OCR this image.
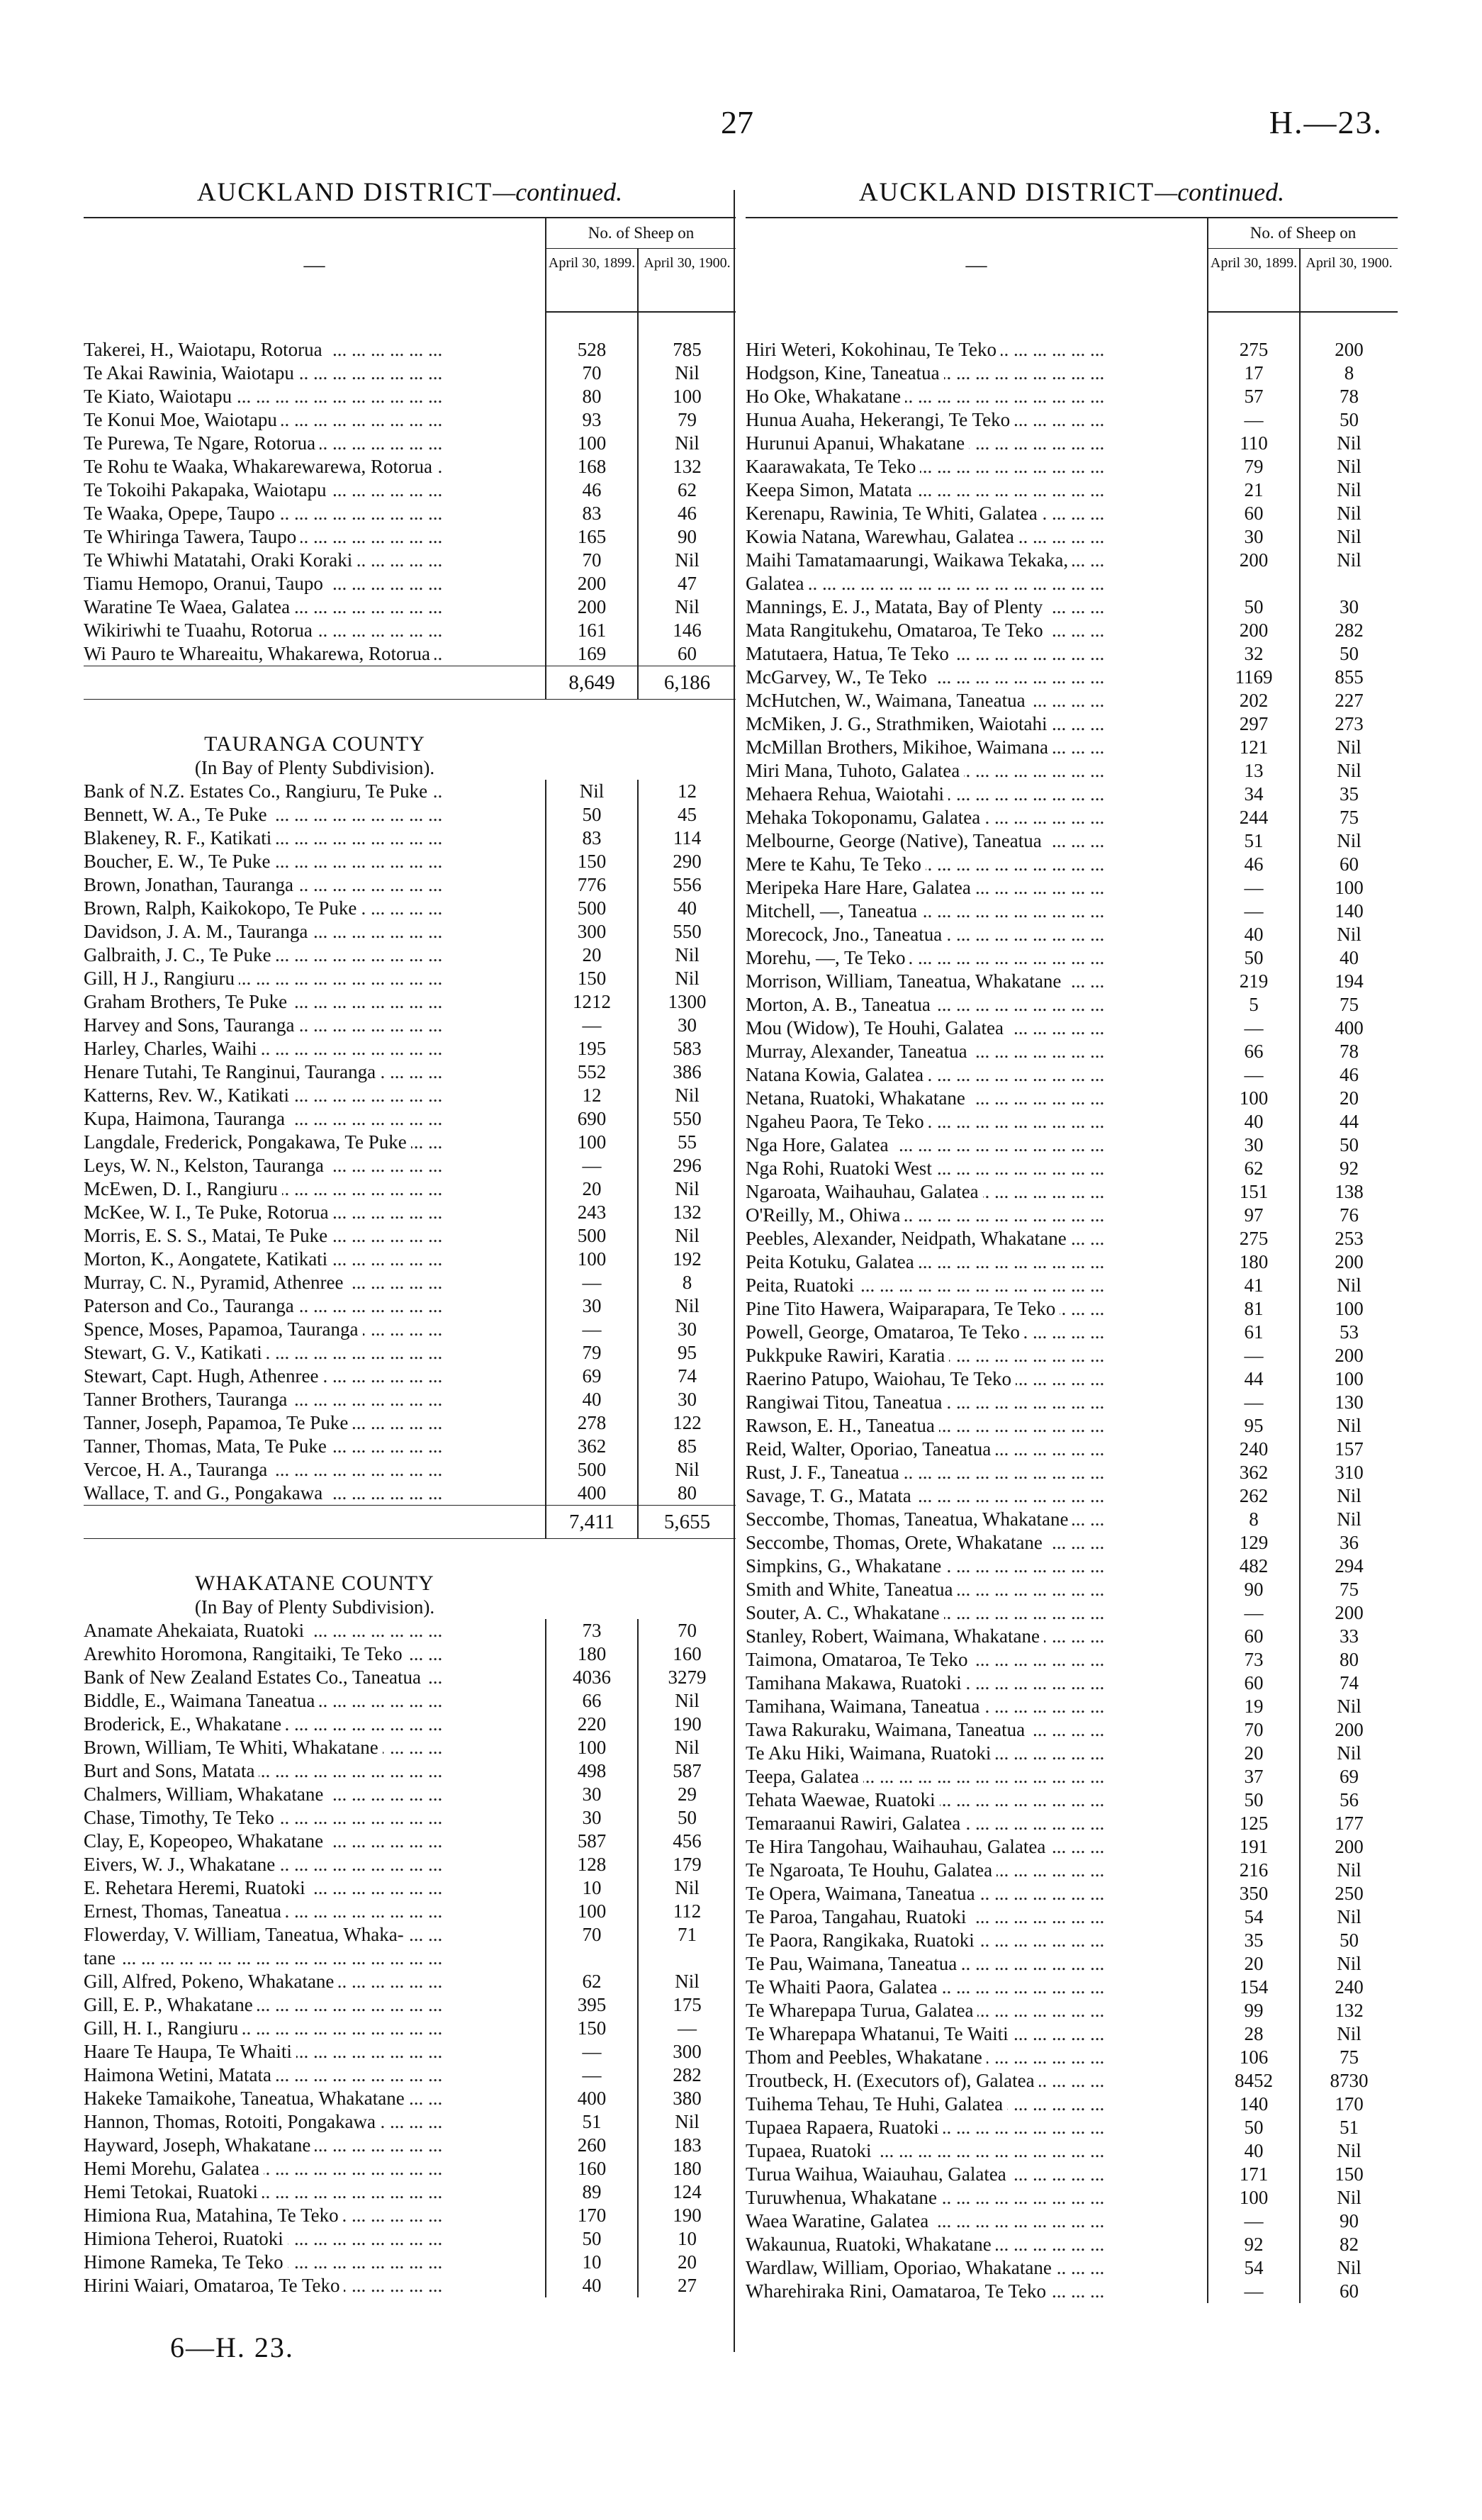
27	H.—23.
AUCKLAND DISTRICT—continued.
—	No. of Sheep on	
	April 30, 1899.	April 30, 1900.

Takerei, H., Waiotapu, Rotorua ... .	528	785
Te Akai Rawinia, Waiotapu ... .	70	Nil
Te Kiato, Waiotapu ... .	80	100
Te Konui Moe, Waiotapu ... .	93	79
Te Purewa, Te Ngare, Rotorua ... .	100	Nil
Te Rohu te Waaka, Whakarewarewa, Rotorua ... .	168	132
Te Tokoihi Pakapaka, Waiotapu ... .	46	62
Te Waaka, Opepe, Taupo ... .	83	46
Te Whiringa Tawera, Taupo ... .	165	90
Te Whiwhi Matatahi, Oraki Koraki ... .	70	Nil
Tiamu Hemopo, Oranui, Taupo ... .	200	47
Waratine Te Waea, Galatea ... .	200	Nil
Wikiriwhi te Tuaahu, Rotorua ... .	161	146
Wi Pauro te Whareaitu, Whakarewa, Rotorua ... .	169	60
	8,649	6,186

TAURANGA COUNTY		
(In Bay of Plenty Subdivision).		
Bank of N.Z. Estates Co., Rangiuru, Te Puke ... .	Nil	12
Bennett, W. A., Te Puke ... .	50	45
Blakeney, R. F., Katikati ... .	83	114
Boucher, E. W., Te Puke ... .	150	290
Brown, Jonathan, Tauranga ... .	776	556
Brown, Ralph, Kaikokopo, Te Puke ... .	500	40
Davidson, J. A. M., Tauranga ... .	300	550
Galbraith, J. C., Te Puke ... .	20	Nil
Gill, H J., Rangiuru ... .	150	Nil
Graham Brothers, Te Puke ... .	1212	1300
Harvey and Sons, Tauranga ... .	—	30
Harley, Charles, Waihi ... .	195	583
Henare Tutahi, Te Ranginui, Tauranga ... .	552	386
Katterns, Rev. W., Katikati ... .	12	Nil
Kupa, Haimona, Tauranga ... .	690	550
Langdale, Frederick, Pongakawa, Te Puke ... .	100	55
Leys, W. N., Kelston, Tauranga ... .	—	296
McEwen, D. I., Rangiuru ... .	20	Nil
McKee, W. I., Te Puke, Rotorua ... .	243	132
Morris, E. S. S., Matai, Te Puke ... .	500	Nil
Morton, K., Aongatete, Katikati ... .	100	192
Murray, C. N., Pyramid, Athenree ... .	—	8
Paterson and Co., Tauranga ... .	30	Nil
Spence, Moses, Papamoa, Tauranga ... .	—	30
Stewart, G. V., Katikati ... .	79	95
Stewart, Capt. Hugh, Athenree ... .	69	74
Tanner Brothers, Tauranga ... .	40	30
Tanner, Joseph, Papamoa, Te Puke ... .	278	122
Tanner, Thomas, Mata, Te Puke ... .	362	85
Vercoe, H. A., Tauranga ... .	500	Nil
Wallace, T. and G., Pongakawa ... .	400	80
	7,411	5,655

WHAKATANE COUNTY		
(In Bay of Plenty Subdivision).		
Anamate Ahekaiata, Ruatoki ... .	73	70
Arewhito Horomona, Rangitaiki, Te Teko ... .	180	160
Bank of New Zealand Estates Co., Taneatua ... .	4036	3279
Biddle, E., Waimana Taneatua ... .	66	Nil
Broderick, E., Whakatane ... .	220	190
Brown, William, Te Whiti, Whakatane ... .	100	Nil
Burt and Sons, Matata ... .	498	587
Chalmers, William, Whakatane ... .	30	29
Chase, Timothy, Te Teko ... .	30	50
Clay, E, Kopeopeo, Whakatane ... .	587	456
Eivers, W. J., Whakatane ... .	128	179
E. Rehetara Heremi, Ruatoki ... .	10	Nil
Ernest, Thomas, Taneatua ... .	100	112
Flowerday, V. William, Taneatua, Whaka- ... .	70	71
tane ... .		
Gill, Alfred, Pokeno, Whakatane ... .	62	Nil
Gill, E. P., Whakatane ... .	395	175
Gill, H. I., Rangiuru ... .	150	—
Haare Te Haupa, Te Whaiti ... .	—	300
Haimona Wetini, Matata ... .	—	282
Hakeke Tamaikohe, Taneatua, Whakatane ... .	400	380
Hannon, Thomas, Rotoiti, Pongakawa ... .	51	Nil
Hayward, Joseph, Whakatane ... .	260	183
Hemi Morehu, Galatea ... .	160	180
Hemi Tetokai, Ruatoki ... .	89	124
Himiona Rua, Matahina, Te Teko ... .	170	190
Himiona Teheroi, Ruatoki ... .	50	10
Himone Rameka, Te Teko ... .	10	20
Hirini Waiari, Omataroa, Te Teko ... .	40	27
AUCKLAND DISTRICT—continued.
—	No. of Sheep on	
	April 30, 1899.	April 30, 1900.

Hiri Weteri, Kokohinau, Te Teko ... .	275	200
Hodgson, Kine, Taneatua ... .	17	8
Ho Oke, Whakatane ... .	57	78
Hunua Auaha, Hekerangi, Te Teko ... .	—	50
Hurunui Apanui, Whakatane ... .	110	Nil
Kaarawakata, Te Teko ... .	79	Nil
Keepa Simon, Matata ... .	21	Nil
Kerenapu, Rawinia, Te Whiti, Galatea ... .	60	Nil
Kowia Natana, Warewhau, Galatea ... .	30	Nil
Maihi Tamatamaarungi, Waikawa Tekaka, ... .	200	Nil
Galatea ... .		
Mannings, E. J., Matata, Bay of Plenty ... .	50	30
Mata Rangitukehu, Omataroa, Te Teko ... .	200	282
Matutaera, Hatua, Te Teko ... .	32	50
McGarvey, W., Te Teko ... .	1169	855
McHutchen, W., Waimana, Taneatua ... .	202	227
McMiken, J. G., Strathmiken, Waiotahi ... .	297	273
McMillan Brothers, Mikihoe, Waimana ... .	121	Nil
Miri Mana, Tuhoto, Galatea ... .	13	Nil
Mehaera Rehua, Waiotahi ... .	34	35
Mehaka Tokoponamu, Galatea ... .	244	75
Melbourne, George (Native), Taneatua ... .	51	Nil
Mere te Kahu, Te Teko ... .	46	60
Meripeka Hare Hare, Galatea ... .	—	100
Mitchell, —, Taneatua ... .	—	140
Morecock, Jno., Taneatua ... .	40	Nil
Morehu, —, Te Teko ... .	50	40
Morrison, William, Taneatua, Whakatane ... .	219	194
Morton, A. B., Taneatua ... .	5	75
Mou (Widow), Te Houhi, Galatea ... .	—	400
Murray, Alexander, Taneatua ... .	66	78
Natana Kowia, Galatea ... .	—	46
Netana, Ruatoki, Whakatane ... .	100	20
Ngaheu Paora, Te Teko ... .	40	44
Nga Hore, Galatea ... .	30	50
Nga Rohi, Ruatoki West ... .	62	92
Ngaroata, Waihauhau, Galatea ... .	151	138
O'Reilly, M., Ohiwa ... .	97	76
Peebles, Alexander, Neidpath, Whakatane ... .	275	253
Peita Kotuku, Galatea ... .	180	200
Peita, Ruatoki ... .	41	Nil
Pine Tito Hawera, Waiparapara, Te Teko ... .	81	100
Powell, George, Omataroa, Te Teko ... .	61	53
Pukkpuke Rawiri, Karatia ... .	—	200
Raerino Patupo, Waiohau, Te Teko ... .	44	100
Rangiwai Titou, Taneatua ... .	—	130
Rawson, E. H., Taneatua ... .	95	Nil
Reid, Walter, Oporiao, Taneatua ... .	240	157
Rust, J. F., Taneatua ... .	362	310
Savage, T. G., Matata ... .	262	Nil
Seccombe, Thomas, Taneatua, Whakatane ... .	8	Nil
Seccombe, Thomas, Orete, Whakatane ... .	129	36
Simpkins, G., Whakatane ... .	482	294
Smith and White, Taneatua ... .	90	75
Souter, A. C., Whakatane ... .	—	200
Stanley, Robert, Waimana, Whakatane ... .	60	33
Taimona, Omataroa, Te Teko ... .	73	80
Tamihana Makawa, Ruatoki ... .	60	74
Tamihana, Waimana, Taneatua ... .	19	Nil
Tawa Rakuraku, Waimana, Taneatua ... .	70	200
Te Aku Hiki, Waimana, Ruatoki ... .	20	Nil
Teepa, Galatea ... .	37	69
Tehata Waewae, Ruatoki ... .	50	56
Temaraanui Rawiri, Galatea ... .	125	177
Te Hira Tangohau, Waihauhau, Galatea ... .	191	200
Te Ngaroata, Te Houhu, Galatea ... .	216	Nil
Te Opera, Waimana, Taneatua ... .	350	250
Te Paroa, Tangahau, Ruatoki ... .	54	Nil
Te Paora, Rangikaka, Ruatoki ... .	35	50
Te Pau, Waimana, Taneatua ... .	20	Nil
Te Whaiti Paora, Galatea ... .	154	240
Te Wharepapa Turua, Galatea ... .	99	132
Te Wharepapa Whatanui, Te Waiti ... .	28	Nil
Thom and Peebles, Whakatane ... .	106	75
Troutbeck, H. (Executors of), Galatea ... .	8452	8730
Tuihema Tehau, Te Huhi, Galatea ... .	140	170
Tupaea Rapaera, Ruatoki ... .	50	51
Tupaea, Ruatoki ... .	40	Nil
Turua Waihua, Waiauhau, Galatea ... .	171	150
Turuwhenua, Whakatane ... .	100	Nil
Waea Waratine, Galatea ... .	—	90
Wakaunua, Ruatoki, Whakatane ... .	92	82
Wardlaw, William, Oporiao, Whakatane ... .	54	Nil
Wharehiraka Rini, Oamataroa, Te Teko ... .	—	60
6—H. 23.
